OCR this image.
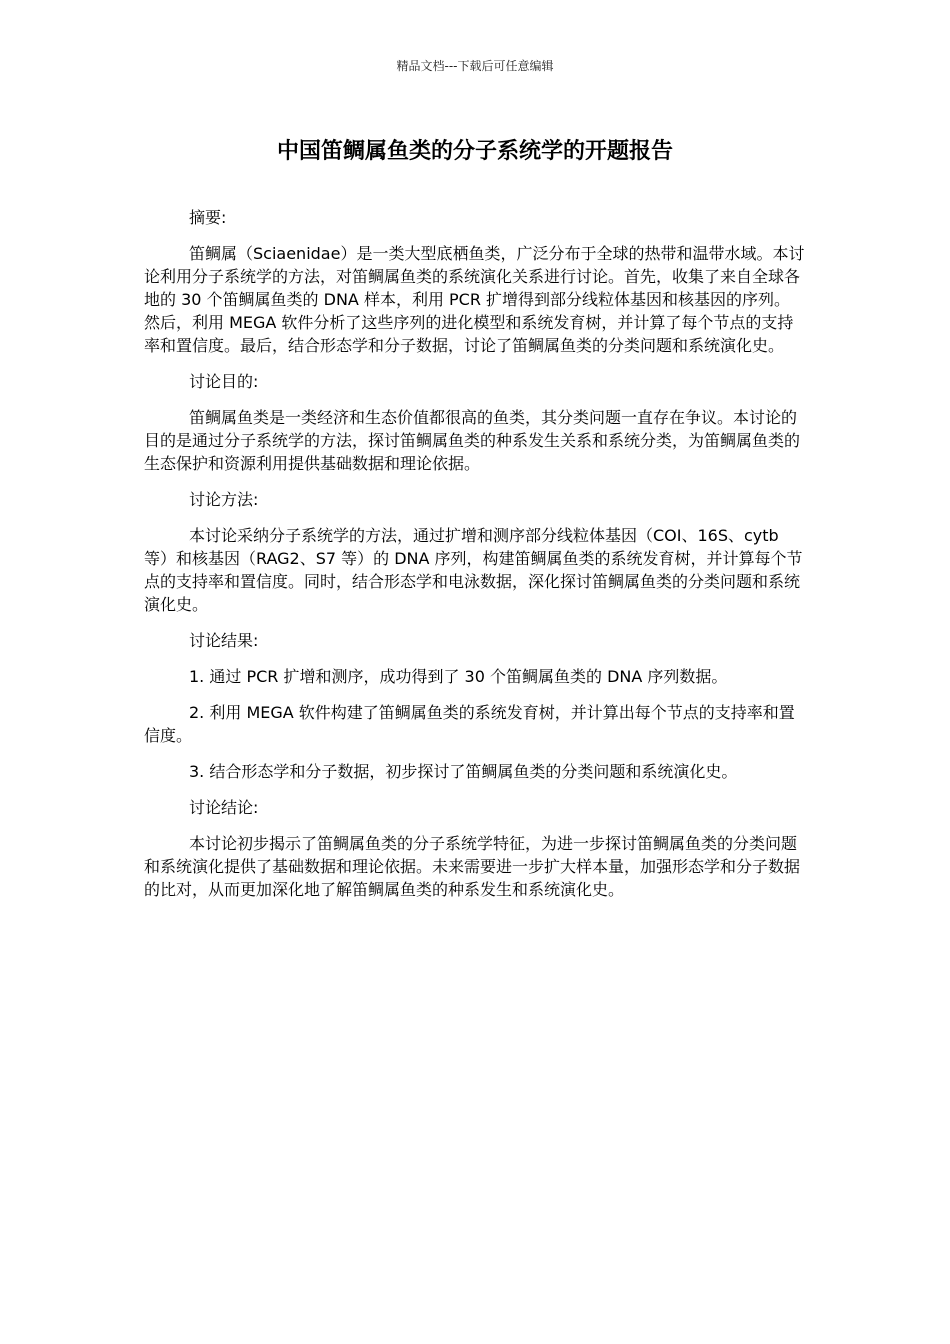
精品文档---下载后可任意编辑
中国笛鲷属鱼类的分子系统学的开题报告

摘要:

笛鲷属（Sciaenidae）是一类大型底栖鱼类，广泛分布于全球的热带和温带水域。本讨论利用分子系统学的方法，对笛鲷属鱼类的系统演化关系进行讨论。首先，收集了来自全球各地的 30 个笛鲷属鱼类的 DNA 样本，利用 PCR 扩增得到部分线粒体基因和核基因的序列。然后，利用 MEGA 软件分析了这些序列的进化模型和系统发育树，并计算了每个节点的支持率和置信度。最后，结合形态学和分子数据，讨论了笛鲷属鱼类的分类问题和系统演化史。

讨论目的:

笛鲷属鱼类是一类经济和生态价值都很高的鱼类，其分类问题一直存在争议。本讨论的目的是通过分子系统学的方法，探讨笛鲷属鱼类的种系发生关系和系统分类，为笛鲷属鱼类的生态保护和资源利用提供基础数据和理论依据。

讨论方法:

本讨论采纳分子系统学的方法，通过扩增和测序部分线粒体基因（COI、16S、cytb 等）和核基因（RAG2、S7 等）的 DNA 序列，构建笛鲷属鱼类的系统发育树，并计算每个节点的支持率和置信度。同时，结合形态学和电泳数据，深化探讨笛鲷属鱼类的分类问题和系统演化史。

讨论结果:

1. 通过 PCR 扩增和测序，成功得到了 30 个笛鲷属鱼类的 DNA 序列数据。

2. 利用 MEGA 软件构建了笛鲷属鱼类的系统发育树，并计算出每个节点的支持率和置信度。

3. 结合形态学和分子数据，初步探讨了笛鲷属鱼类的分类问题和系统演化史。

讨论结论:

本讨论初步揭示了笛鲷属鱼类的分子系统学特征，为进一步探讨笛鲷属鱼类的分类问题和系统演化提供了基础数据和理论依据。未来需要进一步扩大样本量，加强形态学和分子数据的比对，从而更加深化地了解笛鲷属鱼类的种系发生和系统演化史。
